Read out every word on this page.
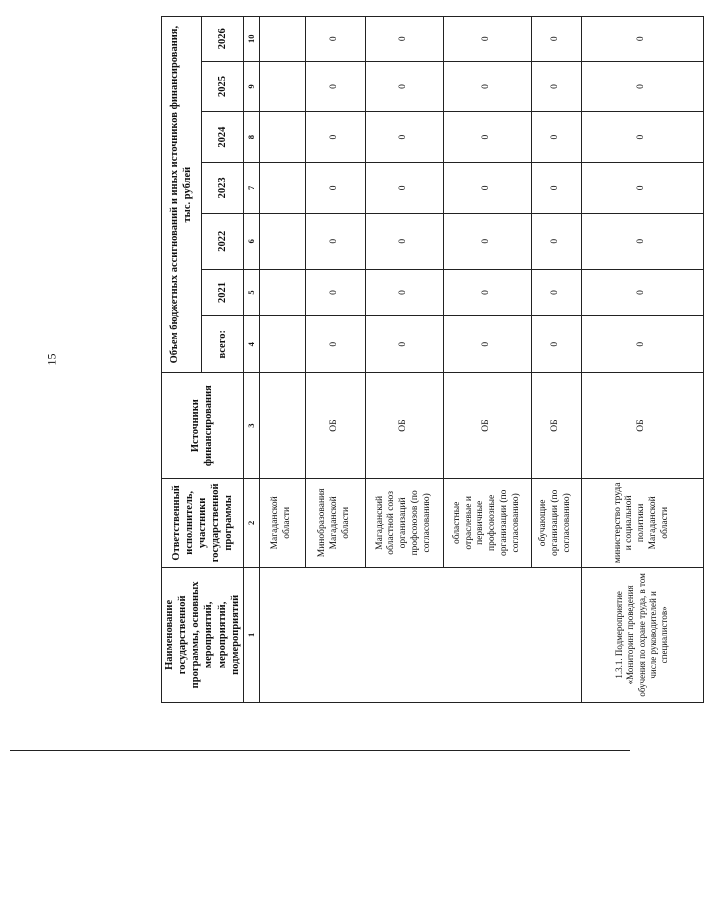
15
Наименование государственной программы, основных мероприятий, мероприятий, подмероприятий	Ответственный исполнитель, участники государственной программы	Источники финансирования	Объем бюджетных ассигнований и иных источников финансирования, тыс. рублей						
			всего:	2021	2022	2023	2024	2025	2026
1	2	3	4	5	6	7	8	9	10
	Магаданской области								
	Минобразования Магаданской области	ОБ	0	0	0	0	0	0	0
	Магаданский областной союз организаций профсоюзов (по согласованию)	ОБ	0	0	0	0	0	0	0
	областные отраслевые и первичные профсоюзные организации (по согласованию)	ОБ	0	0	0	0	0	0	0
	обучающие организации (по согласованию)	ОБ	0	0	0	0	0	0	0
1.3.1. Подмероприятие «Мониторинг проведения обучения по охране труда, в том числе руководителей и специалистов»	министерство труда и социальной политики Магаданской области	ОБ	0	0	0	0	0	0	0
